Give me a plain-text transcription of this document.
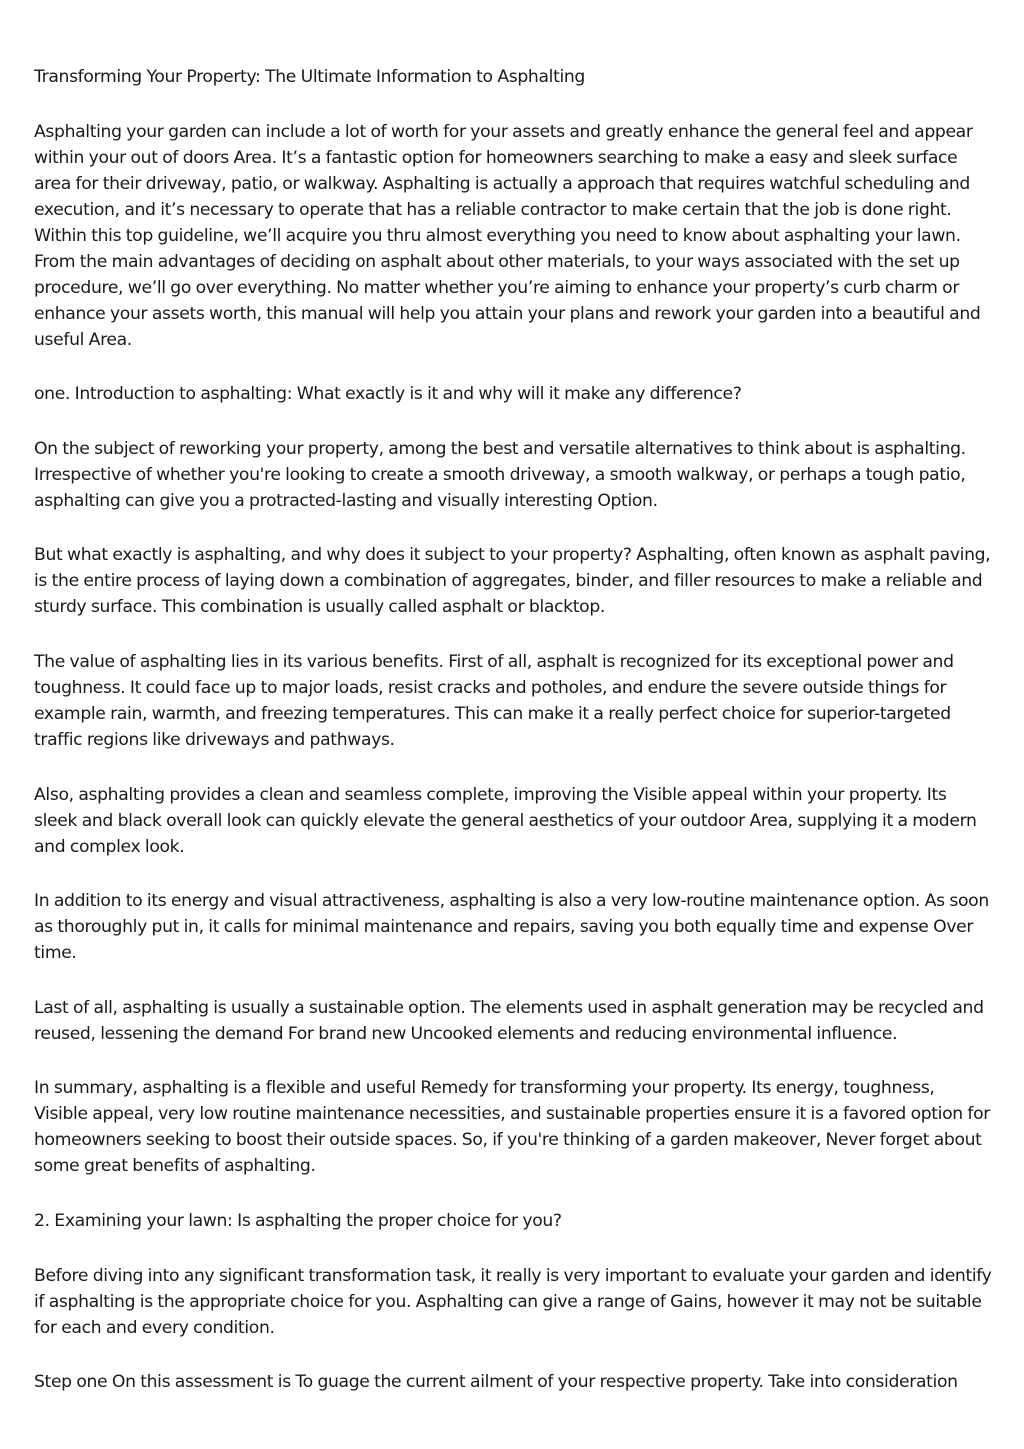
Transforming Your Property: The Ultimate Information to Asphalting

Asphalting your garden can include a lot of worth for your assets and greatly enhance the general feel and appear within your out of doors Area. It’s a fantastic option for homeowners searching to make a easy and sleek surface area for their driveway, patio, or walkway. Asphalting is actually a approach that requires watchful scheduling and execution, and it’s necessary to operate that has a reliable contractor to make certain that the job is done right. Within this top guideline, we’ll acquire you thru almost everything you need to know about asphalting your lawn. From the main advantages of deciding on asphalt about other materials, to your ways associated with the set up procedure, we’ll go over everything. No matter whether you’re aiming to enhance your property’s curb charm or enhance your assets worth, this manual will help you attain your plans and rework your garden into a beautiful and useful Area.

one. Introduction to asphalting: What exactly is it and why will it make any difference?

On the subject of reworking your property, among the best and versatile alternatives to think about is asphalting. Irrespective of whether you're looking to create a smooth driveway, a smooth walkway, or perhaps a tough patio, asphalting can give you a protracted-lasting and visually interesting Option.

But what exactly is asphalting, and why does it subject to your property? Asphalting, often known as asphalt paving, is the entire process of laying down a combination of aggregates, binder, and filler resources to make a reliable and sturdy surface. This combination is usually called asphalt or blacktop.

The value of asphalting lies in its various benefits. First of all, asphalt is recognized for its exceptional power and toughness. It could face up to major loads, resist cracks and potholes, and endure the severe outside things for example rain, warmth, and freezing temperatures. This can make it a really perfect choice for superior-targeted traffic regions like driveways and pathways.

Also, asphalting provides a clean and seamless complete, improving the Visible appeal within your property. Its sleek and black overall look can quickly elevate the general aesthetics of your outdoor Area, supplying it a modern and complex look.

In addition to its energy and visual attractiveness, asphalting is also a very low-routine maintenance option. As soon as thoroughly put in, it calls for minimal maintenance and repairs, saving you both equally time and expense Over time.

Last of all, asphalting is usually a sustainable option. The elements used in asphalt generation may be recycled and reused, lessening the demand For brand new Uncooked elements and reducing environmental influence.

In summary, asphalting is a flexible and useful Remedy for transforming your property. Its energy, toughness, Visible appeal, very low routine maintenance necessities, and sustainable properties ensure it is a favored option for homeowners seeking to boost their outside spaces. So, if you're thinking of a garden makeover, Never forget about some great benefits of asphalting.

2. Examining your lawn: Is asphalting the proper choice for you?

Before diving into any significant transformation task, it really is very important to evaluate your garden and identify if asphalting is the appropriate choice for you. Asphalting can give a range of Gains, however it may not be suitable for each and every condition.

Step one On this assessment is To guage the current ailment of your respective property. Take into consideration
